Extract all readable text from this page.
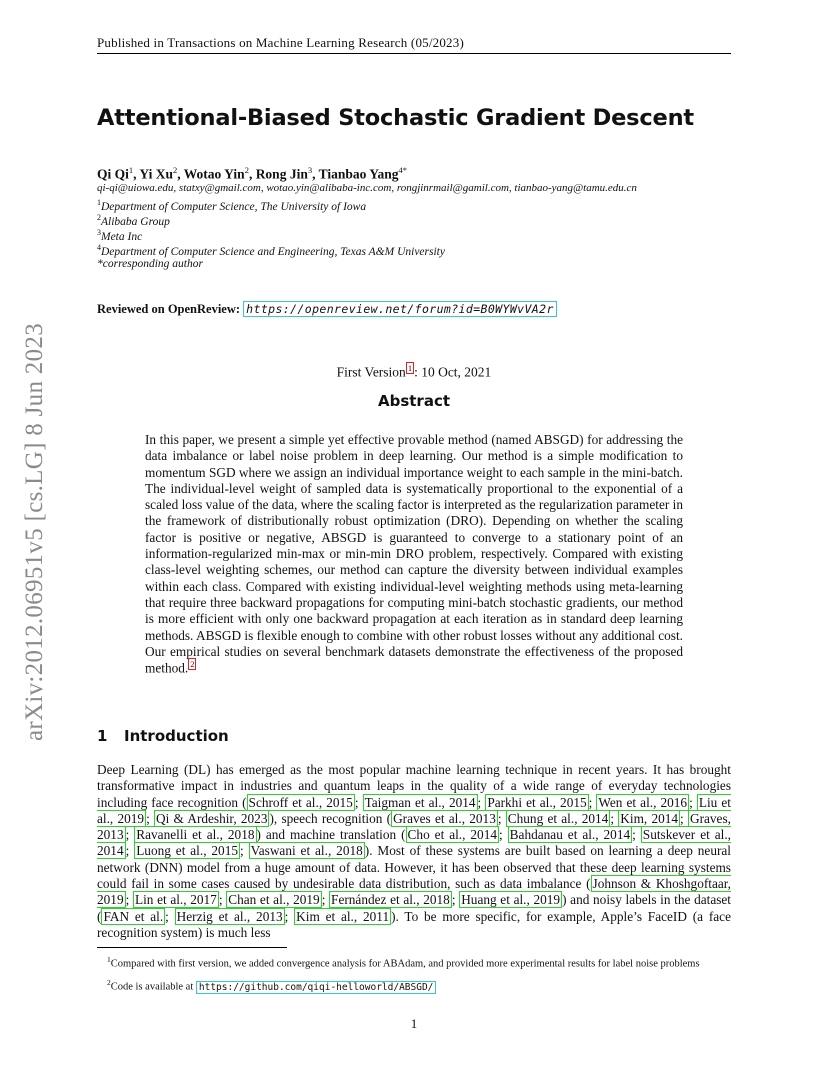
Published in Transactions on Machine Learning Research (05/2023)
Attentional-Biased Stochastic Gradient Descent
Qi Qi$^1$, Yi Xu$^2$, Wotao Yin$^2$, Rong Jin$^3$, Tianbao Yang$^{4*}$
qi-qi@uiowa.edu, statxy@gmail.com, wotao.yin@alibaba-inc.com, rongjinrmail@gamil.com, tianbao-yang@tamu.edu.cn
$^1$Department of Computer Science, The University of Iowa
$^2$Alibaba Group
$^3$Meta Inc
$^4$Department of Computer Science and Engineering, Texas A&M University
*corresponding author
arXiv:2012.06951v5 [cs.LG] 8 Jun 2023
Reviewed on OpenReview: https://openreview.net/forum?id=B0WYWvVA2r
First Version $^1$ : 10 Oct, 2021
Abstract
In this paper, we present a simple yet effective provable method (named ABSGD) for addressing the data imbalance or label noise problem in deep learning. Our method is a simple modification to momentum SGD where we assign an individual importance weight to each sample in the mini-batch. The individual-level weight of sampled data is systematically proportional to the exponential of a scaled loss value of the data, where the scaling factor is interpreted as the regularization parameter in the framework of distributionally robust optimization (DRO). Depending on whether the scaling factor is positive or negative, ABSGD is guaranteed to converge to a stationary point of an information-regularized min-max or min-min DRO problem, respectively. Compared with existing class-level weighting schemes, our method can capture the diversity between individual examples within each class. Compared with existing individual-level weighting methods using meta-learning that require three backward propagations for computing mini-batch stochastic gradients, our method is more efficient with only one backward propagation at each iteration as in standard deep learning methods. ABSGD is flexible enough to combine with other robust losses without any additional cost. Our empirical studies on several benchmark datasets demonstrate the effectiveness of the proposed method. $^2$
1 Introduction
Deep Learning (DL) has emerged as the most popular machine learning technique in recent years. It has brought transformative impact in industries and quantum leaps in the quality of a wide range of everyday technologies including face recognition ( Schroff et al., 2015 ; Taigman et al., 2014 ; Parkhi et al., 2015 ; Wen et al., 2016 ; Liu et al., 2019 ; Qi & Ardeshir, 2023 ), speech recognition ( Graves et al., 2013 ; Chung et al., 2014 ; Kim, 2014 ; Graves, 2013 ; Ravanelli et al., 2018 ) and machine translation ( Cho et al., 2014 ; Bahdanau et al., 2014 ; Sutskever et al., 2014 ; Luong et al., 2015 ; Vaswani et al., 2018 ). Most of these systems are built based on learning a deep neural network (DNN) model from a huge amount of data. However, it has been observed that these deep learning systems could fail in some cases caused by undesirable data distribution, such as data imbalance ( Johnson & Khoshgoftaar, 2019 ; Lin et al., 2017 ; Chan et al., 2019 ; Fernández et al., 2018 ; Huang et al., 2019 ) and noisy labels in the dataset ( FAN et al. ; Herzig et al., 2013 ; Kim et al., 2011 ). To be more specific, for example, Apple’s FaceID (a face recognition system) is much less
$^1$Compared with first version, we added convergence analysis for ABAdam, and provided more experimental results for label noise problems
$^2$Code is available at https://github.com/qiqi-helloworld/ABSGD/
1
